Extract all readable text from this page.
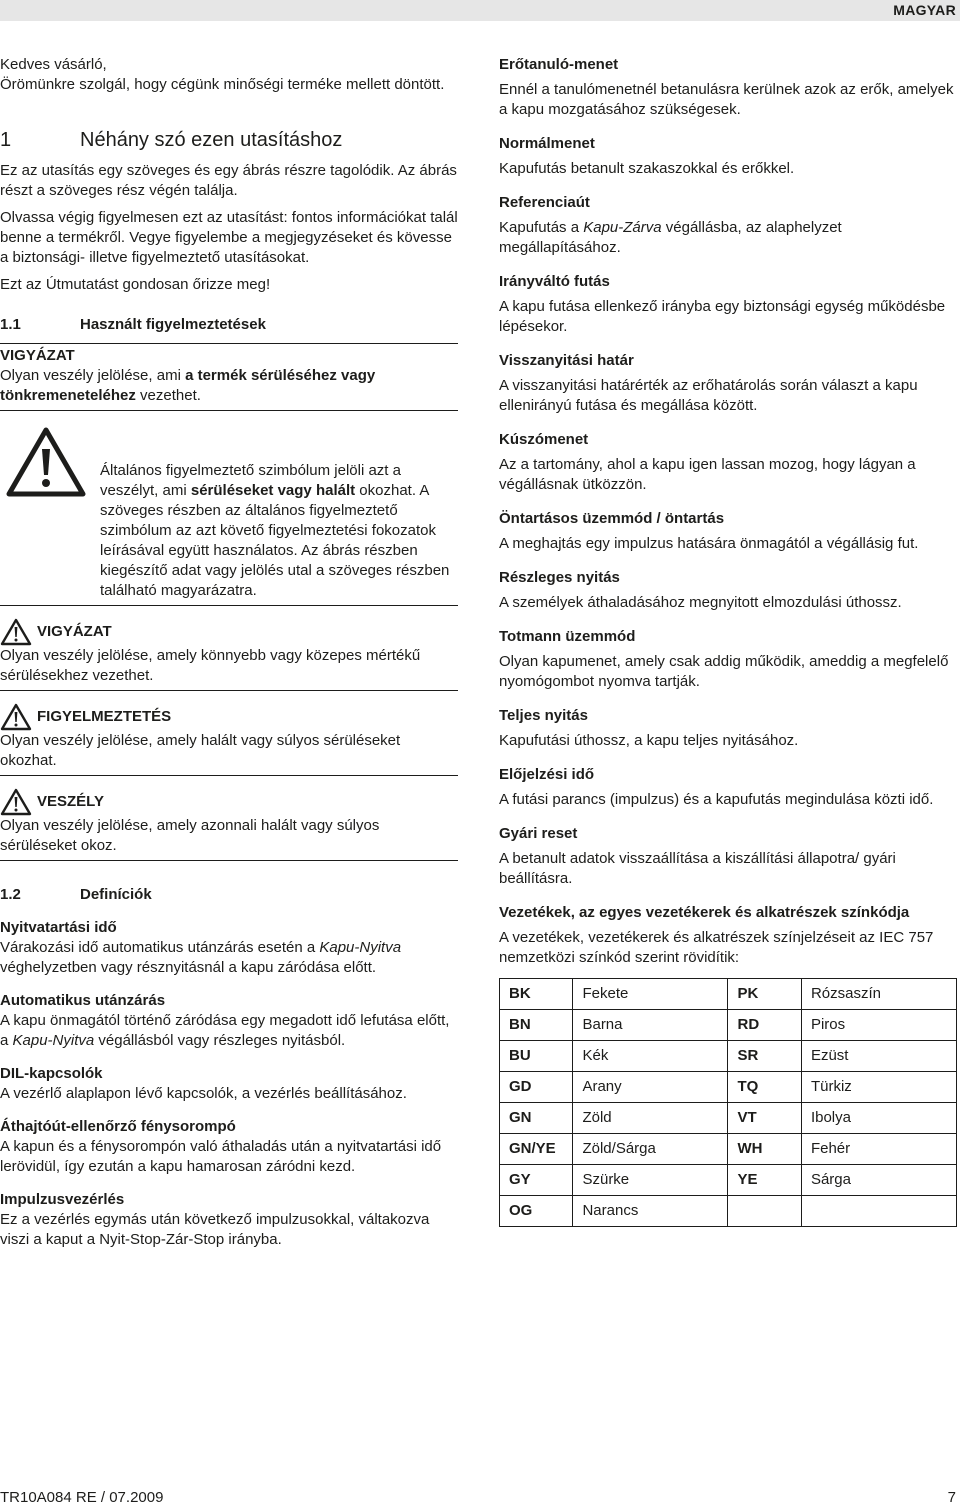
MAGYAR

Kedves vásárló,

Örömünkre szolgál, hogy cégünk minőségi terméke mellett döntött.

1	Néhány szó ezen utasításhoz

Ez az utasítás egy szöveges és egy ábrás részre tagolódik. Az ábrás részt a szöveges rész végén találja.

Olvassa végig figyelmesen ezt az utasítást: fontos információkat talál benne a termékről. Vegye figyelembe a megjegyzéseket és kövesse a biztonsági- illetve figyelmeztető utasításokat.

Ezt az Útmutatást gondosan őrizze meg!

1.1	Használt figyelmeztetések

VIGYÁZAT

Olyan veszély jelölése, ami a termék sérüléséhez vagy tönkremeneteléhez vezethet.

Általános figyelmeztető szimbólum jelöli azt a veszélyt, ami sérüléseket vagy halált okozhat. A szöveges részben az általános figyelmeztető szimbólum az azt követő figyelmeztetési fokozatok leírásával együtt használatos. Az ábrás részben kiegészítő adat vagy jelölés utal a szöveges részben található magyarázatra.

VIGYÁZAT

Olyan veszély jelölése, amely könnyebb vagy közepes mértékű sérülésekhez vezethet.

FIGYELMEZTETÉS

Olyan veszély jelölése, amely halált vagy súlyos sérüléseket okozhat.

VESZÉLY

Olyan veszély jelölése, amely azonnali halált vagy súlyos sérüléseket okoz.

1.2	Definíciók

Nyitvatartási idő

Várakozási idő automatikus utánzárás esetén a Kapu-Nyitva véghelyzetben vagy résznyitásnál a kapu záródása előtt.

Automatikus utánzárás

A kapu önmagától történő záródása egy megadott idő lefutása előtt, a Kapu-Nyitva végállásból vagy részleges nyitásból.

DIL-kapcsolók

A vezérlő alaplapon lévő kapcsolók, a vezérlés beállításához.

Áthajtóút-ellenőrző fénysorompó

A kapun és a fénysorompón való áthaladás után a nyitvatartási idő lerövidül, így ezután a kapu hamarosan záródni kezd.

Impulzusvezérlés

Ez a vezérlés egymás után következő impulzusokkal, váltakozva viszi a kaput a Nyit-Stop-Zár-Stop irányba.

Erőtanuló-menet

Ennél a tanulómenetnél betanulásra kerülnek azok az erők, amelyek a kapu mozgatásához szükségesek.

Normálmenet

Kapufutás betanult szakaszokkal és erőkkel.

Referenciaút

Kapufutás a Kapu-Zárva végállásba, az alaphelyzet megállapításához.

Irányváltó futás

A kapu futása ellenkező irányba egy biztonsági egység működésbe lépésekor.

Visszanyitási határ

A visszanyitási határérték az erőhatárolás során választ a kapu ellenirányú futása és megállása között.

Kúszómenet

Az a tartomány, ahol a kapu igen lassan mozog, hogy lágyan a végállásnak ütközzön.

Öntartásos üzemmód / öntartás

A meghajtás egy impulzus hatására önmagától a végállásig fut.

Részleges nyitás

A személyek áthaladásához megnyitott elmozdulási úthossz.

Totmann üzemmód

Olyan kapumenet, amely csak addig működik, ameddig a megfelelő nyomógombot nyomva tartják.

Teljes nyitás

Kapufutási úthossz, a kapu teljes nyitásához.

Előjelzési idő

A futási parancs (impulzus) és a kapufutás megindulása közti idő.

Gyári reset

A betanult adatok visszaállítása a kiszállítási állapotra/ gyári beállításra.

Vezetékek, az egyes vezetékerek és alkatrészek színkódja

A vezetékek, vezetékerek és alkatrészek színjelzéseit az IEC 757 nemzetközi színkód szerint rövidítik:

BK	Fekete	PK	Rózsaszín
BN	Barna	RD	Piros
BU	Kék	SR	Ezüst
GD	Arany	TQ	Türkiz
GN	Zöld	VT	Ibolya
GN/YE	Zöld/Sárga	WH	Fehér
GY	Szürke	YE	Sárga
OG	Narancs		
TR10A084 RE / 07.2009	7
